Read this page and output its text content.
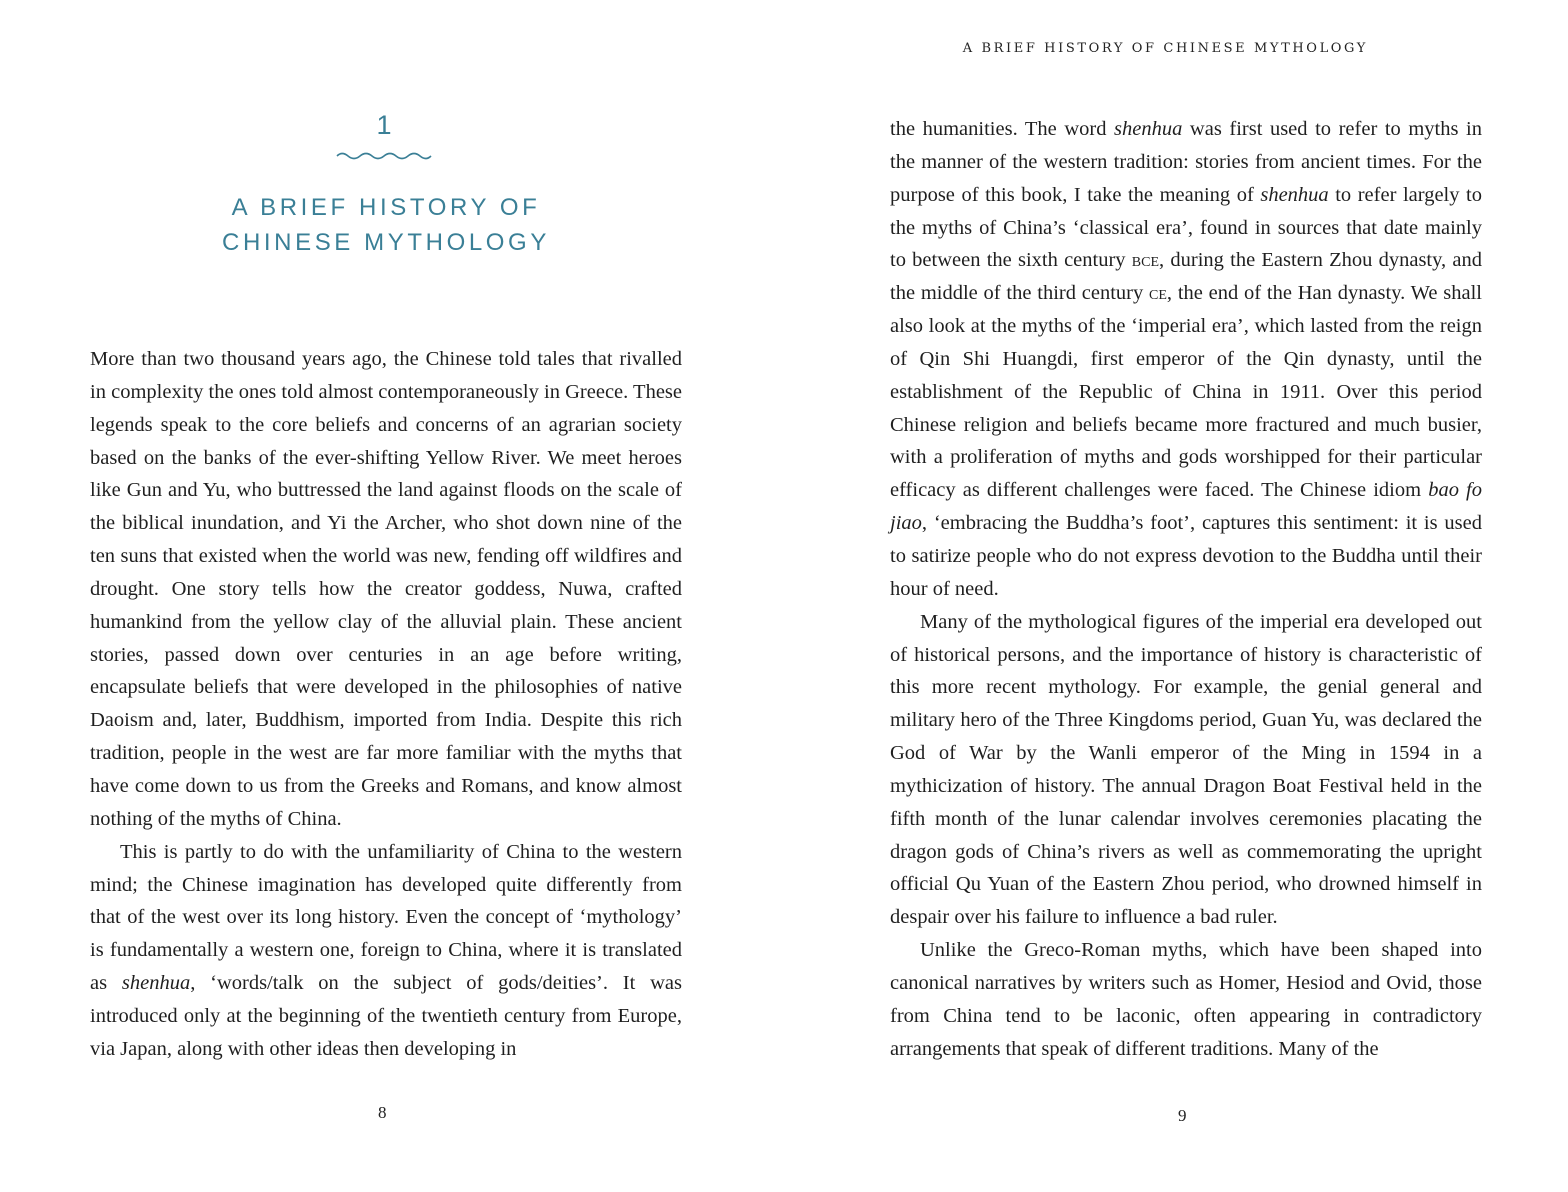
1
A BRIEF HISTORY OF
CHINESE MYTHOLOGY

More than two thousand years ago, the Chinese told tales that rivalled in complexity the ones told almost contemporaneously in Greece. These legends speak to the core beliefs and concerns of an agrarian society based on the banks of the ever-shifting Yellow River. We meet heroes like Gun and Yu, who buttressed the land against floods on the scale of the biblical inundation, and Yi the Archer, who shot down nine of the ten suns that existed when the world was new, fending off wildfires and drought. One story tells how the creator goddess, Nuwa, crafted humankind from the yellow clay of the alluvial plain. These ancient stories, passed down over centuries in an age before writing, encapsulate beliefs that were developed in the philosophies of native Daoism and, later, Buddhism, imported from India. Despite this rich tradition, people in the west are far more familiar with the myths that have come down to us from the Greeks and Romans, and know almost nothing of the myths of China.

This is partly to do with the unfamiliarity of China to the western mind; the Chinese imagination has developed quite differently from that of the west over its long history. Even the concept of ‘mythology’ is fundamentally a western one, foreign to China, where it is translated as shenhua, ‘words/talk on the subject of gods/deities’. It was introduced only at the beginning of the twentieth century from Europe, via Japan, along with other ideas then developing in

8
A BRIEF HISTORY OF CHINESE MYTHOLOGY

the humanities. The word shenhua was first used to refer to myths in the manner of the western tradition: stories from ancient times. For the purpose of this book, I take the meaning of shenhua to refer largely to the myths of China’s ‘classical era’, found in sources that date mainly to between the sixth century bce, during the Eastern Zhou dynasty, and the middle of the third century ce, the end of the Han dynasty. We shall also look at the myths of the ‘imperial era’, which lasted from the reign of Qin Shi Huangdi, first emperor of the Qin dynasty, until the establishment of the Republic of China in 1911. Over this period Chinese religion and beliefs became more fractured and much busier, with a proliferation of myths and gods worshipped for their particular efficacy as different challenges were faced. The Chinese idiom bao fo jiao, ‘embracing the Buddha’s foot’, captures this sentiment: it is used to satirize people who do not express devotion to the Buddha until their hour of need.

Many of the mythological figures of the imperial era developed out of historical persons, and the importance of history is characteristic of this more recent mythology. For example, the genial general and military hero of the Three Kingdoms period, Guan Yu, was declared the God of War by the Wanli emperor of the Ming in 1594 in a mythicization of history. The annual Dragon Boat Festival held in the fifth month of the lunar calendar involves ceremonies placating the dragon gods of China’s rivers as well as commemorating the upright official Qu Yuan of the Eastern Zhou period, who drowned himself in despair over his failure to influence a bad ruler.

Unlike the Greco-Roman myths, which have been shaped into canonical narratives by writers such as Homer, Hesiod and Ovid, those from China tend to be laconic, often appearing in contradictory arrangements that speak of different traditions. Many of the

9
